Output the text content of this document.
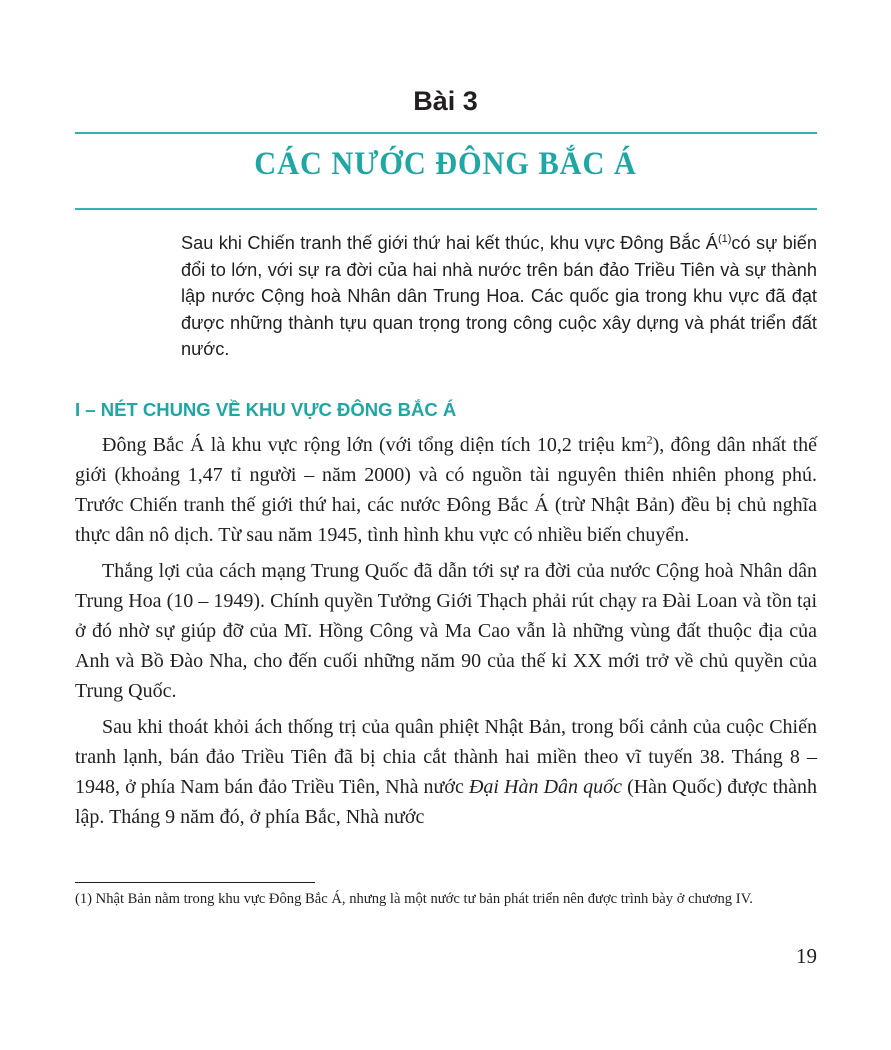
Bài 3
CÁC NƯỚC ĐÔNG BẮC Á
Sau khi Chiến tranh thế giới thứ hai kết thúc, khu vực Đông Bắc $Á^{(1)}có$ sự biến đổi to lớn, với sự ra đời của hai nhà nước trên bán đảo Triều Tiên và sự thành lập nước Cộng hoà Nhân dân Trung Hoa. Các quốc gia trong khu vực đã đạt được những thành tựu quan trọng trong công cuộc xây dựng và phát triển đất nước.
I – NÉT CHUNG VỀ KHU VỰC ĐÔNG BẮC Á

Đông Bắc Á là khu vực rộng lớn (với tổng diện tích 10,2 triệu $km^2$), đông dân nhất thế giới (khoảng 1,47 tỉ người – năm 2000) và có nguồn tài nguyên thiên nhiên phong phú. Trước Chiến tranh thế giới thứ hai, các nước Đông Bắc Á (trừ Nhật Bản) đều bị chủ nghĩa thực dân nô dịch. Từ sau năm 1945, tình hình khu vực có nhiều biến chuyển.

Thắng lợi của cách mạng Trung Quốc đã dẫn tới sự ra đời của nước Cộng hoà Nhân dân Trung Hoa (10 – 1949). Chính quyền Tưởng Giới Thạch phải rút chạy ra Đài Loan và tồn tại ở đó nhờ sự giúp đỡ của Mĩ. Hồng Công và Ma Cao vẫn là những vùng đất thuộc địa của Anh và Bồ Đào Nha, cho đến cuối những năm 90 của thế kỉ XX mới trở về chủ quyền của Trung Quốc.

Sau khi thoát khỏi ách thống trị của quân phiệt Nhật Bản, trong bối cảnh của cuộc Chiến tranh lạnh, bán đảo Triều Tiên đã bị chia cắt thành hai miền theo vĩ tuyến 38. Tháng 8 – 1948, ở phía Nam bán đảo Triều Tiên, Nhà nước Đại Hàn Dân quốc (Hàn Quốc) được thành lập. Tháng 9 năm đó, ở phía Bắc, Nhà nước

(1) Nhật Bản nằm trong khu vực Đông Bắc Á, nhưng là một nước tư bản phát triển nên được trình bày ở chương IV.
19
